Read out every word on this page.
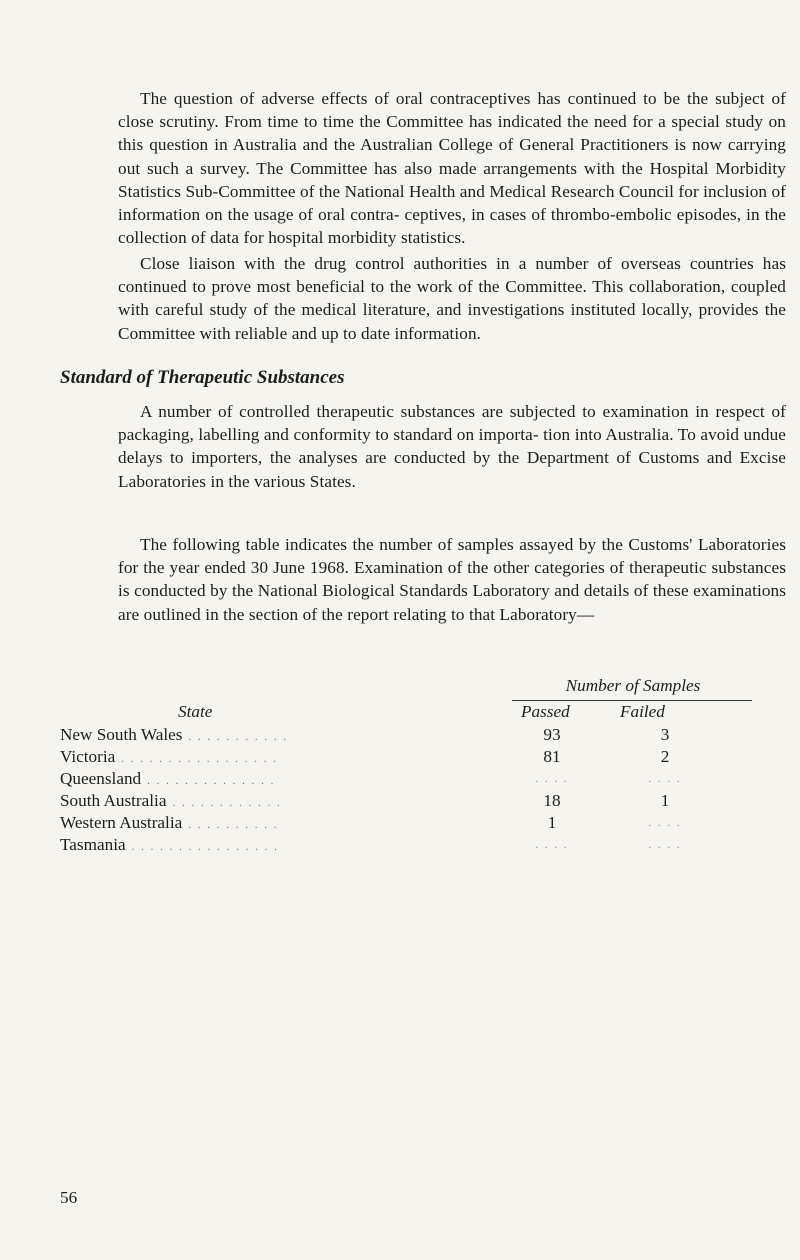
The question of adverse effects of oral contraceptives has continued to be the subject of close scrutiny. From time to time the Committee has indicated the need for a special study on this question in Australia and the Australian College of General Practitioners is now carrying out such a survey. The Committee has also made arrangements with the Hospital Morbidity Statistics Sub-Committee of the National Health and Medical Research Council for inclusion of information on the usage of oral contra- ceptives, in cases of thrombo-embolic episodes, in the collection of data for hospital morbidity statistics.

Close liaison with the drug control authorities in a number of overseas countries has continued to prove most beneficial to the work of the Committee. This collaboration, coupled with careful study of the medical literature, and investigations instituted locally, provides the Committee with reliable and up to date information.

Standard of Therapeutic Substances

A number of controlled therapeutic substances are subjected to examination in respect of packaging, labelling and conformity to standard on importa- tion into Australia. To avoid undue delays to importers, the analyses are conducted by the Department of Customs and Excise Laboratories in the various States.

The following table indicates the number of samples assayed by the Customs' Laboratories for the year ended 30 June 1968. Examination of the other categories of therapeutic substances is conducted by the National Biological Standards Laboratory and details of these examinations are outlined in the section of the report relating to that Laboratory—

Number of Samples
State	Passed	Failed
New South Wales . . . . . . . . . . .	93	3
Victoria . . . . . . . . . . . . . . . . .	81	2
Queensland . . . . . . . . . . . . . .	. . . .	. . . .
South Australia . . . . . . . . . . . .	18	1
Western Australia . . . . . . . . . .	1	. . . .
Tasmania . . . . . . . . . . . . . . . .	. . . .	. . . .
56
